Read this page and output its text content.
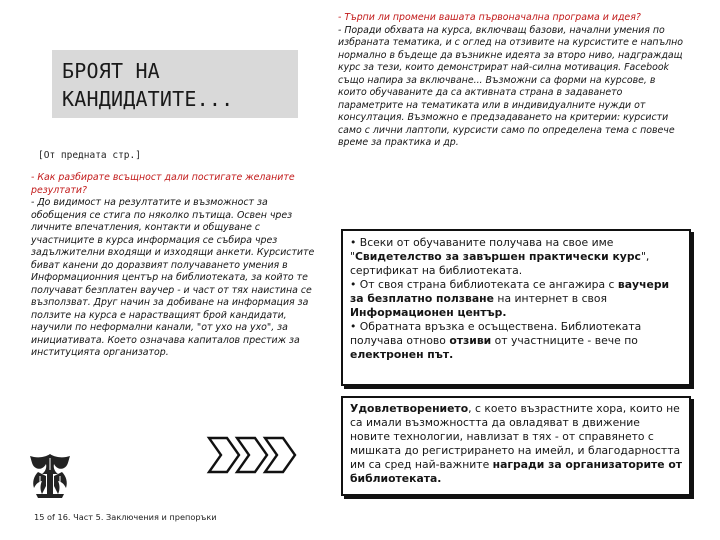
БРОЯТ НА
КАНДИДАТИТЕ...
[От предната стр.]
- Как разбирате всъщност дали постигате желаните резултати?
- До видимост на резултатите и възможност за обобщения се стига по няколко пътища. Освен чрез личните впечатления, контакти и общуване с участниците в курса информация се събира чрез задължителни входящи и изходящи анкети. Курсистите биват канени до доразвият получаването умения в Информационния център на библиотеката, за който те получават безплатен ваучер - и част от тях наистина се възползват. Друг начин за добиване на информация за ползите на курса е нарастващият брой кандидати, научили по неформални канали, "от ухо на ухо", за инициативата. Което означава капиталов престиж за институцията организатор.
- Търпи ли промени вашата първоначална програма и идея?
- Поради обхвата на курса, включващ базови, начални умения по избраната тематика, и с оглед на отзивите на курсистите е напълно нормално в бъдеще да възникне идеята за второ ниво, надграждащ курс за тези, които демонстрират най-силна мотивация. Facebook също напира за включване... Възможни са форми на курсове, в които обучаваните да са активната страна в задаването параметрите на тематиката или в индивидуалните нужди от консултация. Възможно е предзадаването на критерии: курсисти само с лични лаптопи, курсисти само по определена тема с повече време за практика и др.

• Всеки от обучаваните получава на свое име "Свидетелство за завършен практически курс", сертификат на библиотеката.

• От своя страна библиотеката се ангажира с ваучери за безплатно ползване на интернет в своя Информационен център.

• Обратната връзка е осъществена. Библиотеката получава отново отзиви от участниците - вече по електронен път.

Удовлетворението, с което възрастните хора, които не са имали възможността да овладяват в движение новите технологии, навлизат в тях - от справянето с мишката до регистрирането на имейл, и благодарността им са сред най-важните награди за организаторите от библиотеката.

15 of 16. Част 5. Заключения и препоръки
